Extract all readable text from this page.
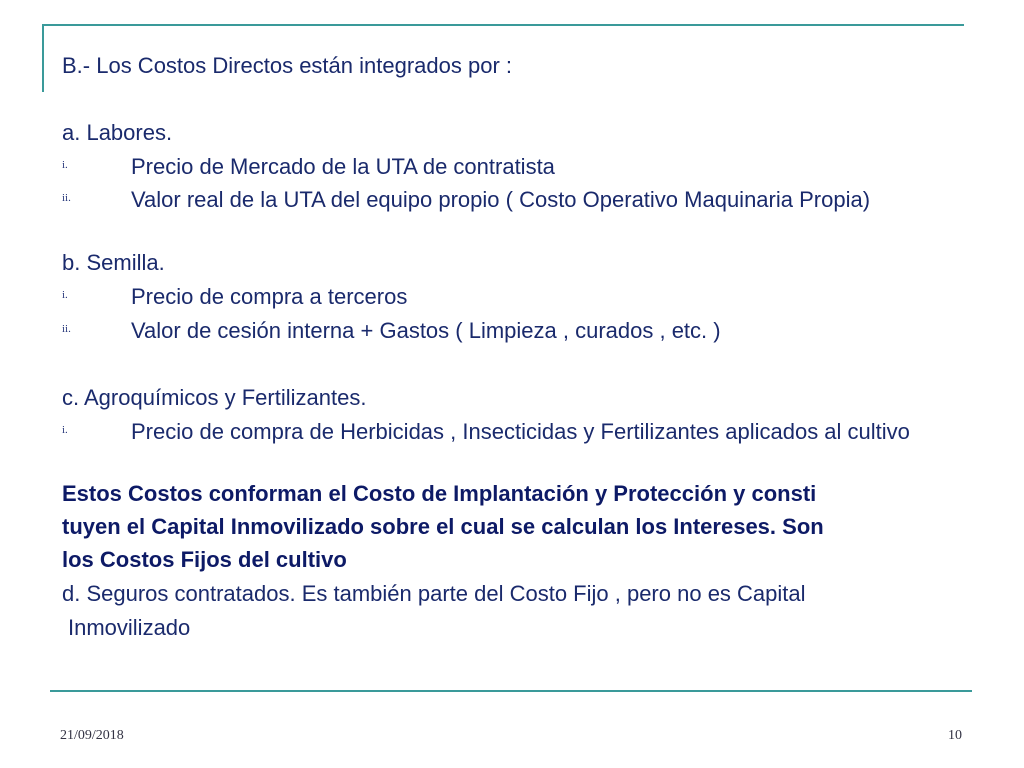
B.- Los Costos Directos están integrados por :
a. Labores.
i.	Precio de Mercado de la UTA de contratista
ii.	Valor real de la UTA del equipo propio ( Costo Operativo Maquinaria Propia)
b. Semilla.
i.	Precio de compra a terceros
ii.	Valor de cesión interna + Gastos ( Limpieza , curados , etc. )
c. Agroquímicos y Fertilizantes.
i.	Precio de compra de Herbicidas , Insecticidas y Fertilizantes aplicados al cultivo
Estos Costos conforman el Costo de Implantación y Protección y consti
tuyen el Capital Inmovilizado sobre el cual se calculan los Intereses. Son
los Costos Fijos del cultivo
d. Seguros contratados. Es también parte del Costo Fijo , pero no es Capital
Inmovilizado
21/09/2018	10
